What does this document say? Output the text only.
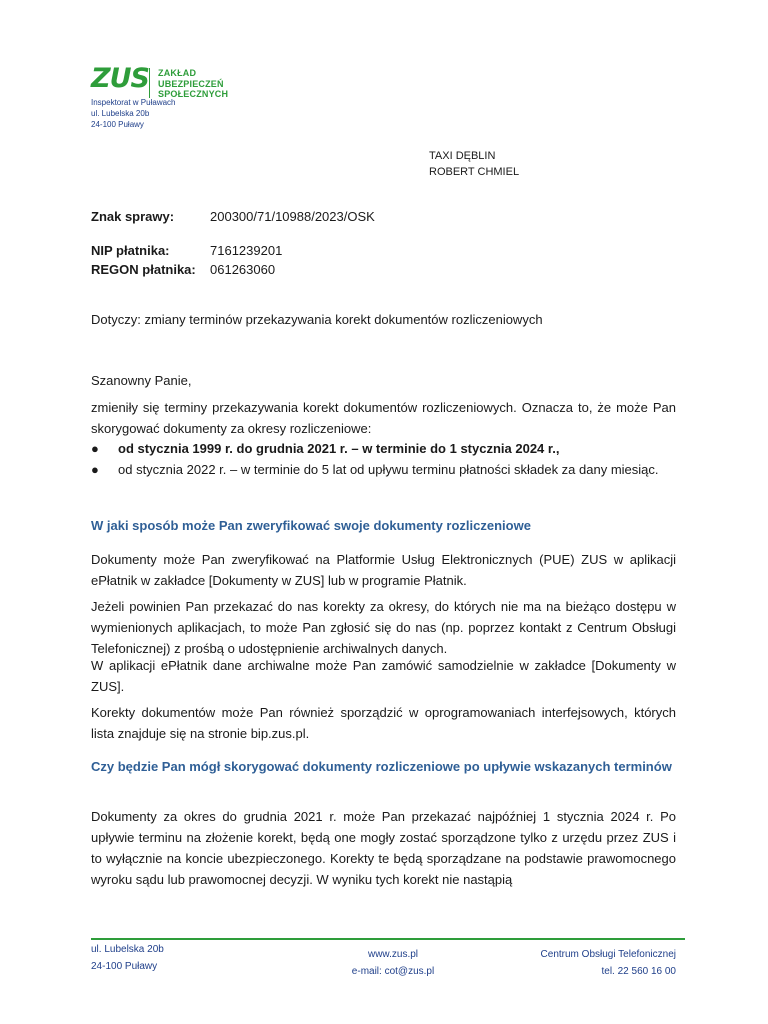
ZUS ZAKŁAD
UBEZPIECZEŃ
SPOŁECZNYCH
Inspektorat w Puławach
ul. Lubelska 20b
24-100 Puławy
TAXI DĘBLIN
ROBERT CHMIEL
Znak sprawy:	200300/71/10988/2023/OSK
NIP płatnika:	7161239201
REGON płatnika: 061263060
Dotyczy: zmiany terminów przekazywania korekt dokumentów rozliczeniowych
Szanowny Panie,
zmieniły się terminy przekazywania korekt dokumentów rozliczeniowych. Oznacza to, że może Pan skorygować dokumenty za okresy rozliczeniowe:
● od stycznia 1999 r. do grudnia 2021 r. – w terminie do 1 stycznia 2024 r.,
● od stycznia 2022 r. – w terminie do 5 lat od upływu terminu płatności składek za dany miesiąc.
W jaki sposób może Pan zweryfikować swoje dokumenty rozliczeniowe
Dokumenty może Pan zweryfikować na Platformie Usług Elektronicznych (PUE) ZUS w aplikacji ePłatnik w zakładce [Dokumenty w ZUS] lub w programie Płatnik.
Jeżeli powinien Pan przekazać do nas korekty za okresy, do których nie ma na bieżąco dostępu w wymienionych aplikacjach, to może Pan zgłosić się do nas (np. poprzez kontakt z Centrum Obsługi Telefonicznej) z prośbą o udostępnienie archiwalnych danych.
W aplikacji ePłatnik dane archiwalne może Pan zamówić samodzielnie w zakładce [Dokumenty w ZUS].
Korekty dokumentów może Pan również sporządzić w oprogramowaniach interfejsowych, których lista znajduje się na stronie bip.zus.pl.
Czy będzie Pan mógł skorygować dokumenty rozliczeniowe po upływie wskazanych terminów
Dokumenty za okres do grudnia 2021 r. może Pan przekazać najpóźniej 1 stycznia 2024 r. Po upływie terminu na złożenie korekt, będą one mogły zostać sporządzone tylko z urzędu przez ZUS i to wyłącznie na koncie ubezpieczonego. Korekty te będą sporządzane na podstawie prawomocnego wyroku sądu lub prawomocnej decyzji. W wyniku tych korekt nie nastąpią
ul. Lubelska 20b
24-100 Puławy
www.zus.pl
e-mail: cot@zus.pl
Centrum Obsługi Telefonicznej
tel. 22 560 16 00
